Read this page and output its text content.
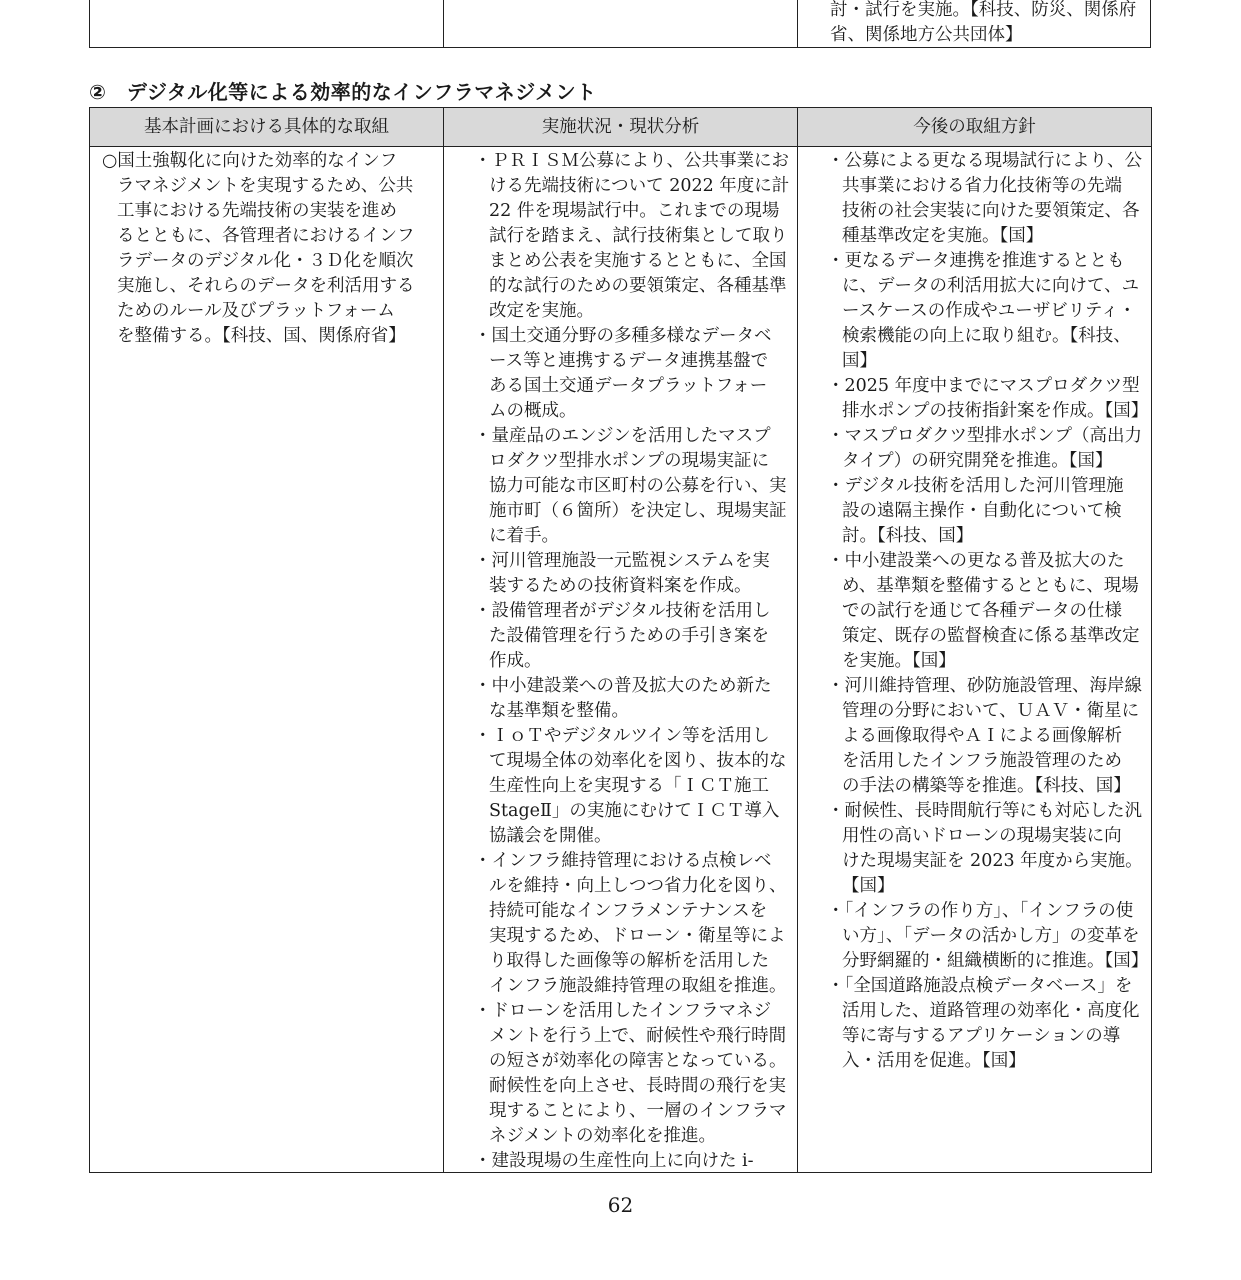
討・試行を実施。【科技、防災、関係府
省、関係地方公共団体】
②　デジタル化等による効率的なインフラマネジメント
基本計画における具体的な取組	実施状況・現状分析	今後の取組方針
○国土強靱化に向けた効率的なインフ
ラマネジメントを実現するため、公共
工事における先端技術の実装を進め
るとともに、各管理者におけるインフ
ラデータのデジタル化・３Ｄ化を順次
実施し、それらのデータを利活用する
ためのルール及びプラットフォーム
を整備する。【科技、国、関係府省】
・ＰＲＩＳＭ公募により、公共事業にお
ける先端技術について 2022 年度に計
22 件を現場試行中。これまでの現場
試行を踏まえ、試行技術集として取り
まとめ公表を実施するとともに、全国
的な試行のための要領策定、各種基準
改定を実施。
・国土交通分野の多種多様なデータベ
ース等と連携するデータ連携基盤で
ある国土交通データプラットフォー
ムの概成。
・量産品のエンジンを活用したマスプ
ロダクツ型排水ポンプの現場実証に
協力可能な市区町村の公募を行い、実
施市町（６箇所）を決定し、現場実証
に着手。
・河川管理施設一元監視システムを実
装するための技術資料案を作成。
・設備管理者がデジタル技術を活用し
た設備管理を行うための手引き案を
作成。
・中小建設業への普及拡大のため新た
な基準類を整備。
・ＩｏＴやデジタルツイン等を活用し
て現場全体の効率化を図り、抜本的な
生産性向上を実現する「ＩＣＴ施工
StageⅡ」の実施にむけてＩＣＴ導入
協議会を開催。
・インフラ維持管理における点検レベ
ルを維持・向上しつつ省力化を図り、
持続可能なインフラメンテナンスを
実現するため、ドローン・衛星等によ
り取得した画像等の解析を活用した
インフラ施設維持管理の取組を推進。
・ドローンを活用したインフラマネジ
メントを行う上で、耐候性や飛行時間
の短さが効率化の障害となっている。
耐候性を向上させ、長時間の飛行を実
現することにより、一層のインフラマ
ネジメントの効率化を推進。
・建設現場の生産性向上に向けた i-
・公募による更なる現場試行により、公
共事業における省力化技術等の先端
技術の社会実装に向けた要領策定、各
種基準改定を実施。【国】
・更なるデータ連携を推進するととも
に、データの利活用拡大に向けて、ユ
ースケースの作成やユーザビリティ・
検索機能の向上に取り組む。【科技、
国】
・2025 年度中までにマスプロダクツ型
排水ポンプの技術指針案を作成。【国】
・マスプロダクツ型排水ポンプ（高出力
タイプ）の研究開発を推進。【国】
・デジタル技術を活用した河川管理施
設の遠隔主操作・自動化について検
討。【科技、国】
・中小建設業への更なる普及拡大のた
め、基準類を整備するとともに、現場
での試行を通じて各種データの仕様
策定、既存の監督検査に係る基準改定
を実施。【国】
・河川維持管理、砂防施設管理、海岸線
管理の分野において、ＵＡＶ・衛星に
よる画像取得やＡＩによる画像解析
を活用したインフラ施設管理のため
の手法の構築等を推進。【科技、国】
・耐候性、長時間航行等にも対応した汎
用性の高いドローンの現場実装に向
けた現場実証を 2023 年度から実施。
【国】
・「インフラの作り方」、「インフラの使
い方」、「データの活かし方」の変革を
分野網羅的・組織横断的に推進。【国】
・「全国道路施設点検データベース」を
活用した、道路管理の効率化・高度化
等に寄与するアプリケーションの導
入・活用を促進。【国】
62
